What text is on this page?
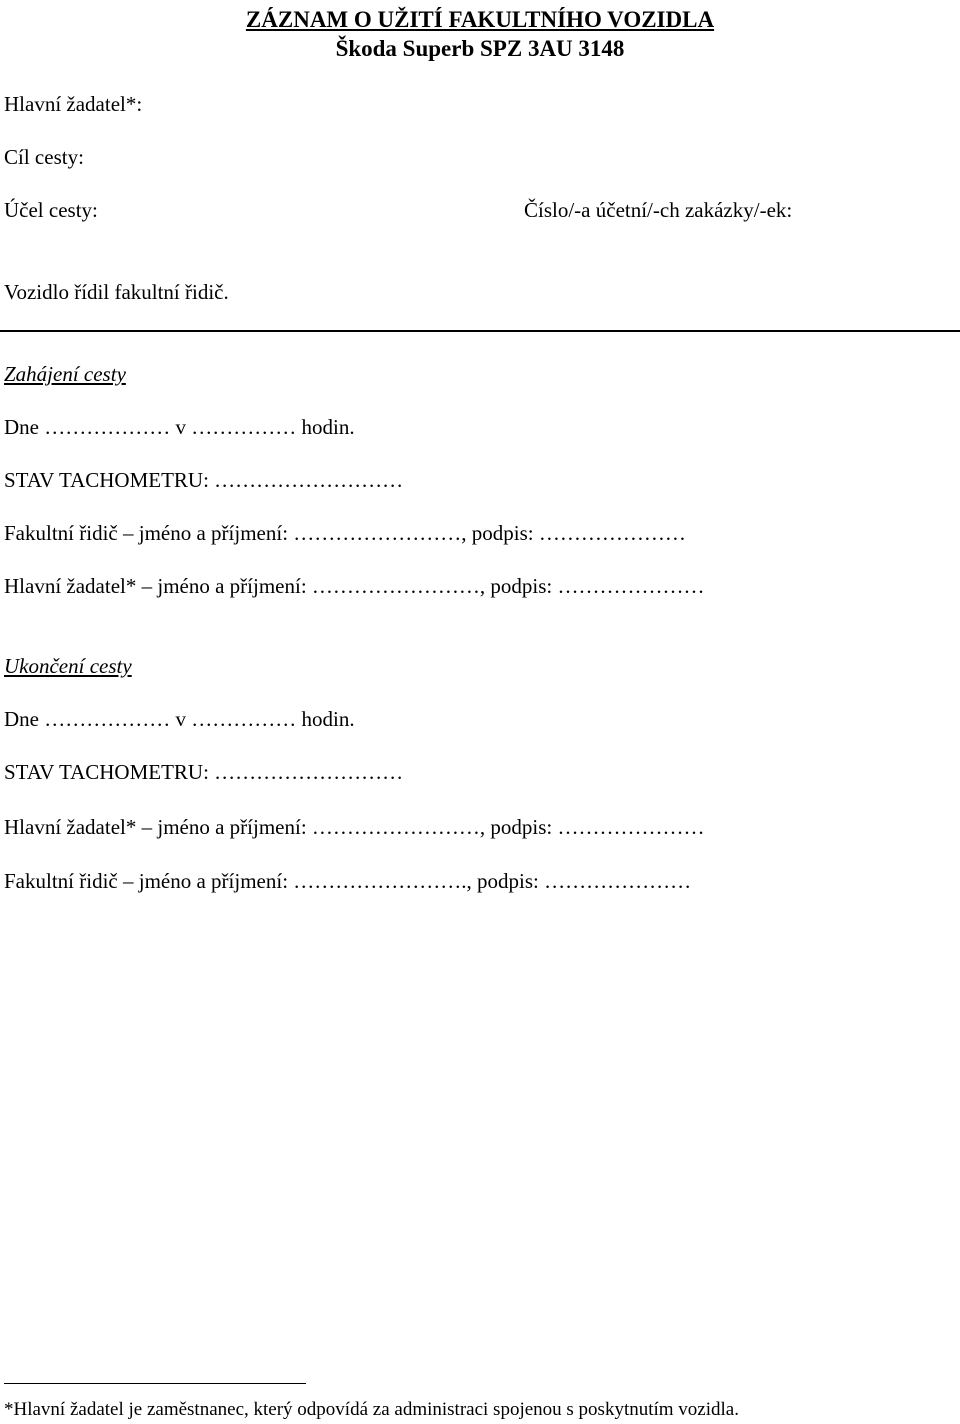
ZÁZNAM O UŽITÍ FAKULTNÍHO VOZIDLA
Škoda Superb SPZ 3AU 3148
Hlavní žadatel*:
Cíl cesty:
Účel cesty:	Číslo/-a účetní/-ch zakázky/-ek:
Vozidlo řídil fakultní řidič.
Zahájení cesty
Dne ……………… v …………… hodin.
STAV TACHOMETRU: ………………………
Fakultní řidič – jméno a příjmení: ……………………, podpis: …………………
Hlavní žadatel* – jméno a příjmení: ……………………, podpis: …………………
Ukončení cesty
Dne ……………… v …………… hodin.
STAV TACHOMETRU: ………………………
Hlavní žadatel* – jméno a příjmení: ……………………, podpis: …………………
Fakultní řidič – jméno a příjmení: ……………………., podpis: …………………
*Hlavní žadatel je zaměstnanec, který odpovídá za administraci spojenou s poskytnutím vozidla.
